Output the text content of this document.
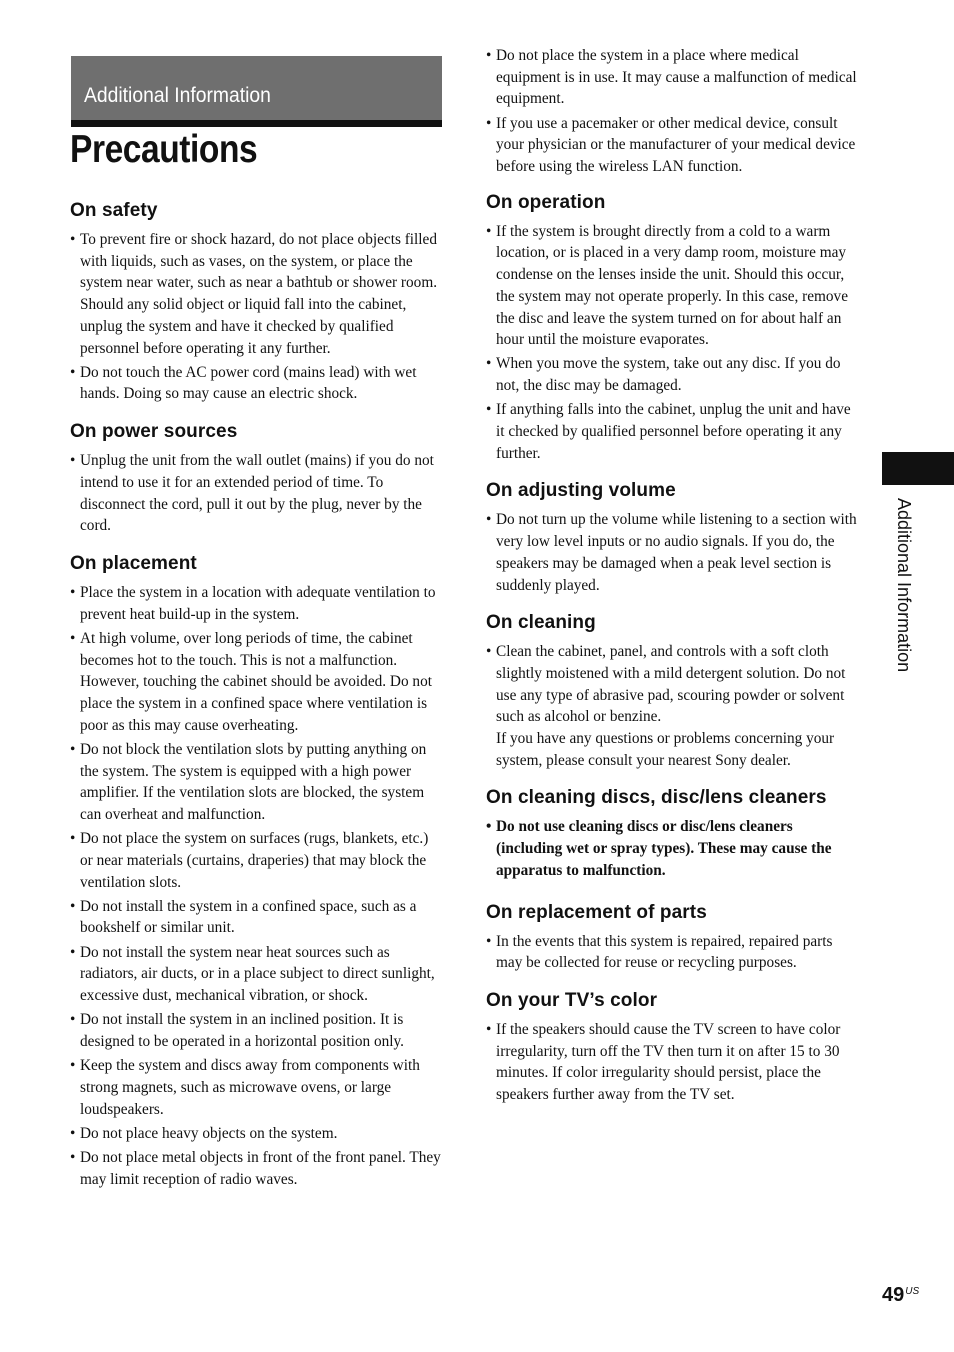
Additional Information
Precautions
On safety
• To prevent fire or shock hazard, do not place objects filled with liquids, such as vases, on the system, or place the system near water, such as near a bathtub or shower room. Should any solid object or liquid fall into the cabinet, unplug the system and have it checked by qualified personnel before operating it any further.
• Do not touch the AC power cord (mains lead) with wet hands. Doing so may cause an electric shock.
On power sources
• Unplug the unit from the wall outlet (mains) if you do not intend to use it for an extended period of time. To disconnect the cord, pull it out by the plug, never by the cord.
On placement
• Place the system in a location with adequate ventilation to prevent heat build-up in the system.
• At high volume, over long periods of time, the cabinet becomes hot to the touch. This is not a malfunction. However, touching the cabinet should be avoided. Do not place the system in a confined space where ventilation is poor as this may cause overheating.
• Do not block the ventilation slots by putting anything on the system. The system is equipped with a high power amplifier. If the ventilation slots are blocked, the system can overheat and malfunction.
• Do not place the system on surfaces (rugs, blankets, etc.) or near materials (curtains, draperies) that may block the ventilation slots.
• Do not install the system in a confined space, such as a bookshelf or similar unit.
• Do not install the system near heat sources such as radiators, air ducts, or in a place subject to direct sunlight, excessive dust, mechanical vibration, or shock.
• Do not install the system in an inclined position. It is designed to be operated in a horizontal position only.
• Keep the system and discs away from components with strong magnets, such as microwave ovens, or large loudspeakers.
• Do not place heavy objects on the system.
• Do not place metal objects in front of the front panel. They may limit reception of radio waves.
• Do not place the system in a place where medical equipment is in use. It may cause a malfunction of medical equipment.
• If you use a pacemaker or other medical device, consult your physician or the manufacturer of your medical device before using the wireless LAN function.
On operation
• If the system is brought directly from a cold to a warm location, or is placed in a very damp room, moisture may condense on the lenses inside the unit. Should this occur, the system may not operate properly. In this case, remove the disc and leave the system turned on for about half an hour until the moisture evaporates.
• When you move the system, take out any disc. If you do not, the disc may be damaged.
• If anything falls into the cabinet, unplug the unit and have it checked by qualified personnel before operating it any further.
On adjusting volume
• Do not turn up the volume while listening to a section with very low level inputs or no audio signals. If you do, the speakers may be damaged when a peak level section is suddenly played.
On cleaning
• Clean the cabinet, panel, and controls with a soft cloth slightly moistened with a mild detergent solution. Do not use any type of abrasive pad, scouring powder or solvent such as alcohol or benzine.
If you have any questions or problems concerning your system, please consult your nearest Sony dealer.
On cleaning discs, disc/lens cleaners
• Do not use cleaning discs or disc/lens cleaners (including wet or spray types). These may cause the apparatus to malfunction.
On replacement of parts
• In the events that this system is repaired, repaired parts may be collected for reuse or recycling purposes.
On your TV’s color
• If the speakers should cause the TV screen to have color irregularity, turn off the TV then turn it on after 15 to 30 minutes. If color irregularity should persist, place the speakers further away from the TV set.
Additional Information
$49^{US}$
